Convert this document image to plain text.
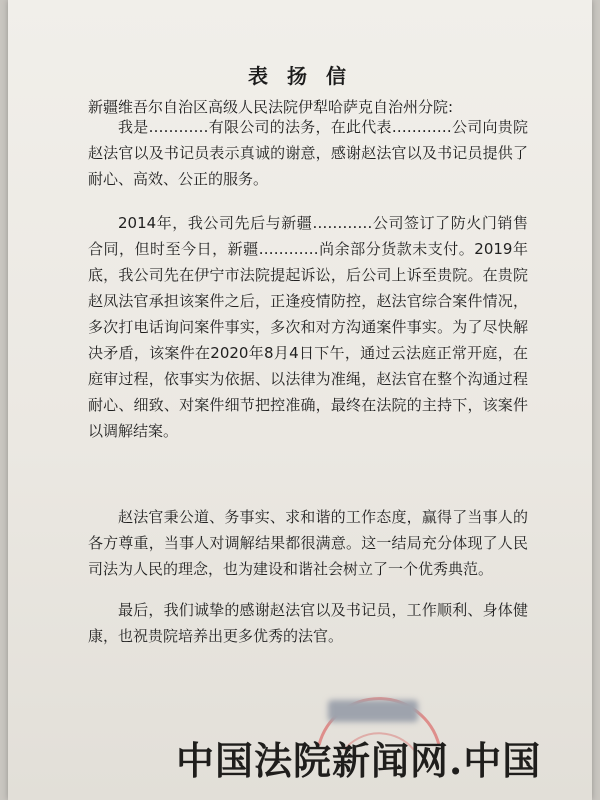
表 扬 信
新疆维吾尔自治区高级人民法院伊犁哈萨克自治州分院:

我是…………有限公司的法务，在此代表…………公司向贵院赵法官以及书记员表示真诚的谢意，感谢赵法官以及书记员提供了耐心、高效、公正的服务。

2014年，我公司先后与新疆…………公司签订了防火门销售合同，但时至今日，新疆…………尚余部分货款未支付。2019年底，我公司先在伊宁市法院提起诉讼，后公司上诉至贵院。在贵院赵凤法官承担该案件之后，正逢疫情防控，赵法官综合案件情况，多次打电话询问案件事实，多次和对方沟通案件事实。为了尽快解决矛盾，该案件在2020年8月4日下午，通过云法庭正常开庭，在庭审过程，依事实为依据、以法律为准绳，赵法官在整个沟通过程耐心、细致、对案件细节把控准确，最终在法院的主持下，该案件以调解结案。

赵法官秉公道、务事实、求和谐的工作态度，赢得了当事人的各方尊重，当事人对调解结果都很满意。这一结局充分体现了人民司法为人民的理念，也为建设和谐社会树立了一个优秀典范。

最后，我们诚挚的感谢赵法官以及书记员，工作顺利、身体健康，也祝贵院培养出更多优秀的法官。

中国法院新闻网.中国
